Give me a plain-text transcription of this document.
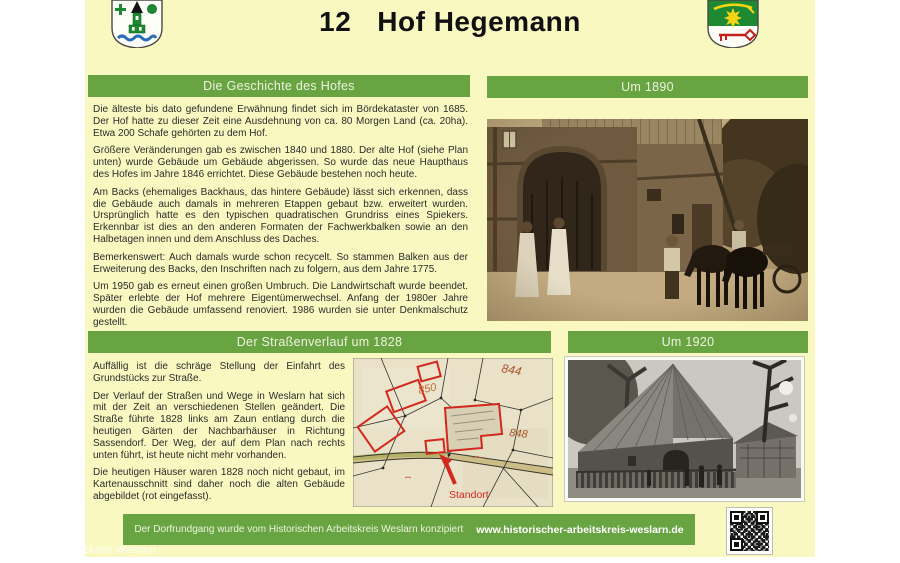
12 Hof Hegemann
Die Geschichte des Hofes

Die älteste bis dato gefundene Erwähnung findet sich im Bördekataster von 1685. Der Hof hatte zu dieser Zeit eine Ausdehnung von ca. 80 Morgen Land (ca. 20ha). Etwa 200 Schafe gehörten zu dem Hof.

Größere Veränderungen gab es zwischen 1840 und 1880. Der alte Hof (siehe Plan unten) wurde Gebäude um Gebäude abgerissen. So wurde das neue Haupthaus des Hofes im Jahre 1846 errichtet. Diese Gebäude bestehen noch heute.

Am Backs (ehemaliges Backhaus, das hintere Gebäude) lässt sich erkennen, dass die Gebäude auch damals in mehreren Etappen gebaut bzw. erweitert wurden. Ursprünglich hatte es den typischen quadratischen Grundriss eines Spiekers. Erkennbar ist dies an den anderen Formaten der Fachwerkbalken sowie an den Halbetagen innen und dem Anschluss des Daches.

Bemerkenswert: Auch damals wurde schon recycelt. So stammen Balken aus der Erweiterung des Backs, den Inschriften nach zu folgern, aus dem Jahre 1775.

Um 1950 gab es erneut einen großen Umbruch. Die Landwirtschaft wurde beendet. Später erlebte der Hof mehrere Eigentümerwechsel. Anfang der 1980er Jahre wurden die Gebäude umfassend renoviert. 1986 wurden sie unter Denkmalschutz gestellt.

Um 1890
Der Straßenverlauf um 1828

Auffällig ist die schräge Stellung der Einfahrt des Grundstücks zur Straße.

Der Verlauf der Straßen und Wege in Weslarn hat sich mit der Zeit an verschiedenen Stellen geändert. Die Straße führte 1828 links am Zaun entlang durch die heutigen Gärten der Nachbarhäuser in Richtung Sassendorf. Der Weg, der auf dem Plan nach rechts unten führt, ist heute nicht mehr vorhanden.

Die heutigen Häuser waren 1828 noch nicht gebaut, im Kartenausschnitt sind daher noch die alten Gebäude abgebildet (rot eingefasst).	Standort
844
850
848
Um 1920
Der Dorfrundgang wurde vom Historischen Arbeitskreis Weslarn konzipiert www.historischer-arbeitskreis-weslarn.de
beitskreis Weslarn
